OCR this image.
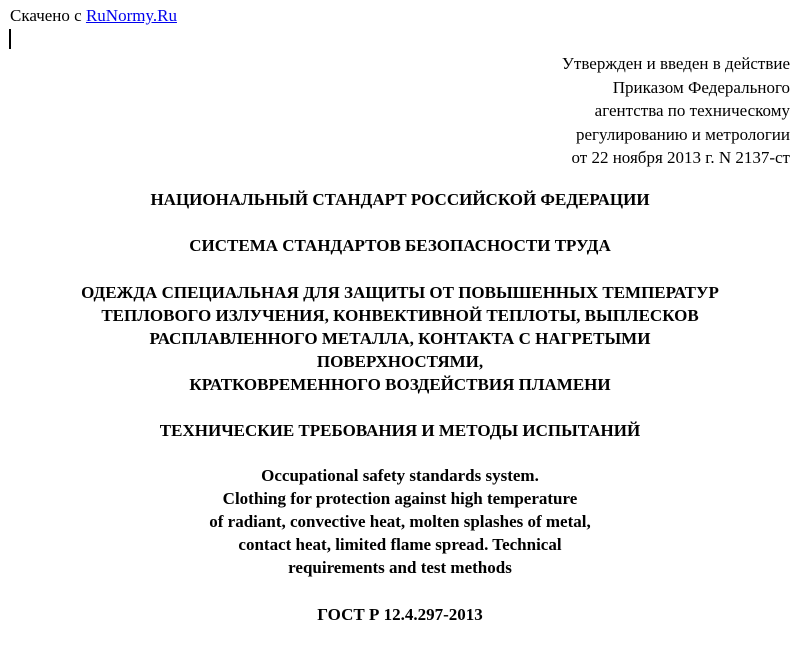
Скачено с RuNormy.Ru
Утвержден и введен в действие
Приказом Федерального
агентства по техническому
регулированию и метрологии
от 22 ноября 2013 г. N 2137-ст
НАЦИОНАЛЬНЫЙ СТАНДАРТ РОССИЙСКОЙ ФЕДЕРАЦИИ
СИСТЕМА СТАНДАРТОВ БЕЗОПАСНОСТИ ТРУДА
ОДЕЖДА СПЕЦИАЛЬНАЯ ДЛЯ ЗАЩИТЫ ОТ ПОВЫШЕННЫХ ТЕМПЕРАТУР
ТЕПЛОВОГО ИЗЛУЧЕНИЯ, КОНВЕКТИВНОЙ ТЕПЛОТЫ, ВЫПЛЕСКОВ
РАСПЛАВЛЕННОГО МЕТАЛЛА, КОНТАКТА С НАГРЕТЫМИ
ПОВЕРХНОСТЯМИ,
КРАТКОВРЕМЕННОГО ВОЗДЕЙСТВИЯ ПЛАМЕНИ
ТЕХНИЧЕСКИЕ ТРЕБОВАНИЯ И МЕТОДЫ ИСПЫТАНИЙ
Occupational safety standards system.
Clothing for protection against high temperature
of radiant, convective heat, molten splashes of metal,
contact heat, limited flame spread. Technical
requirements and test methods
ГОСТ Р 12.4.297-2013
